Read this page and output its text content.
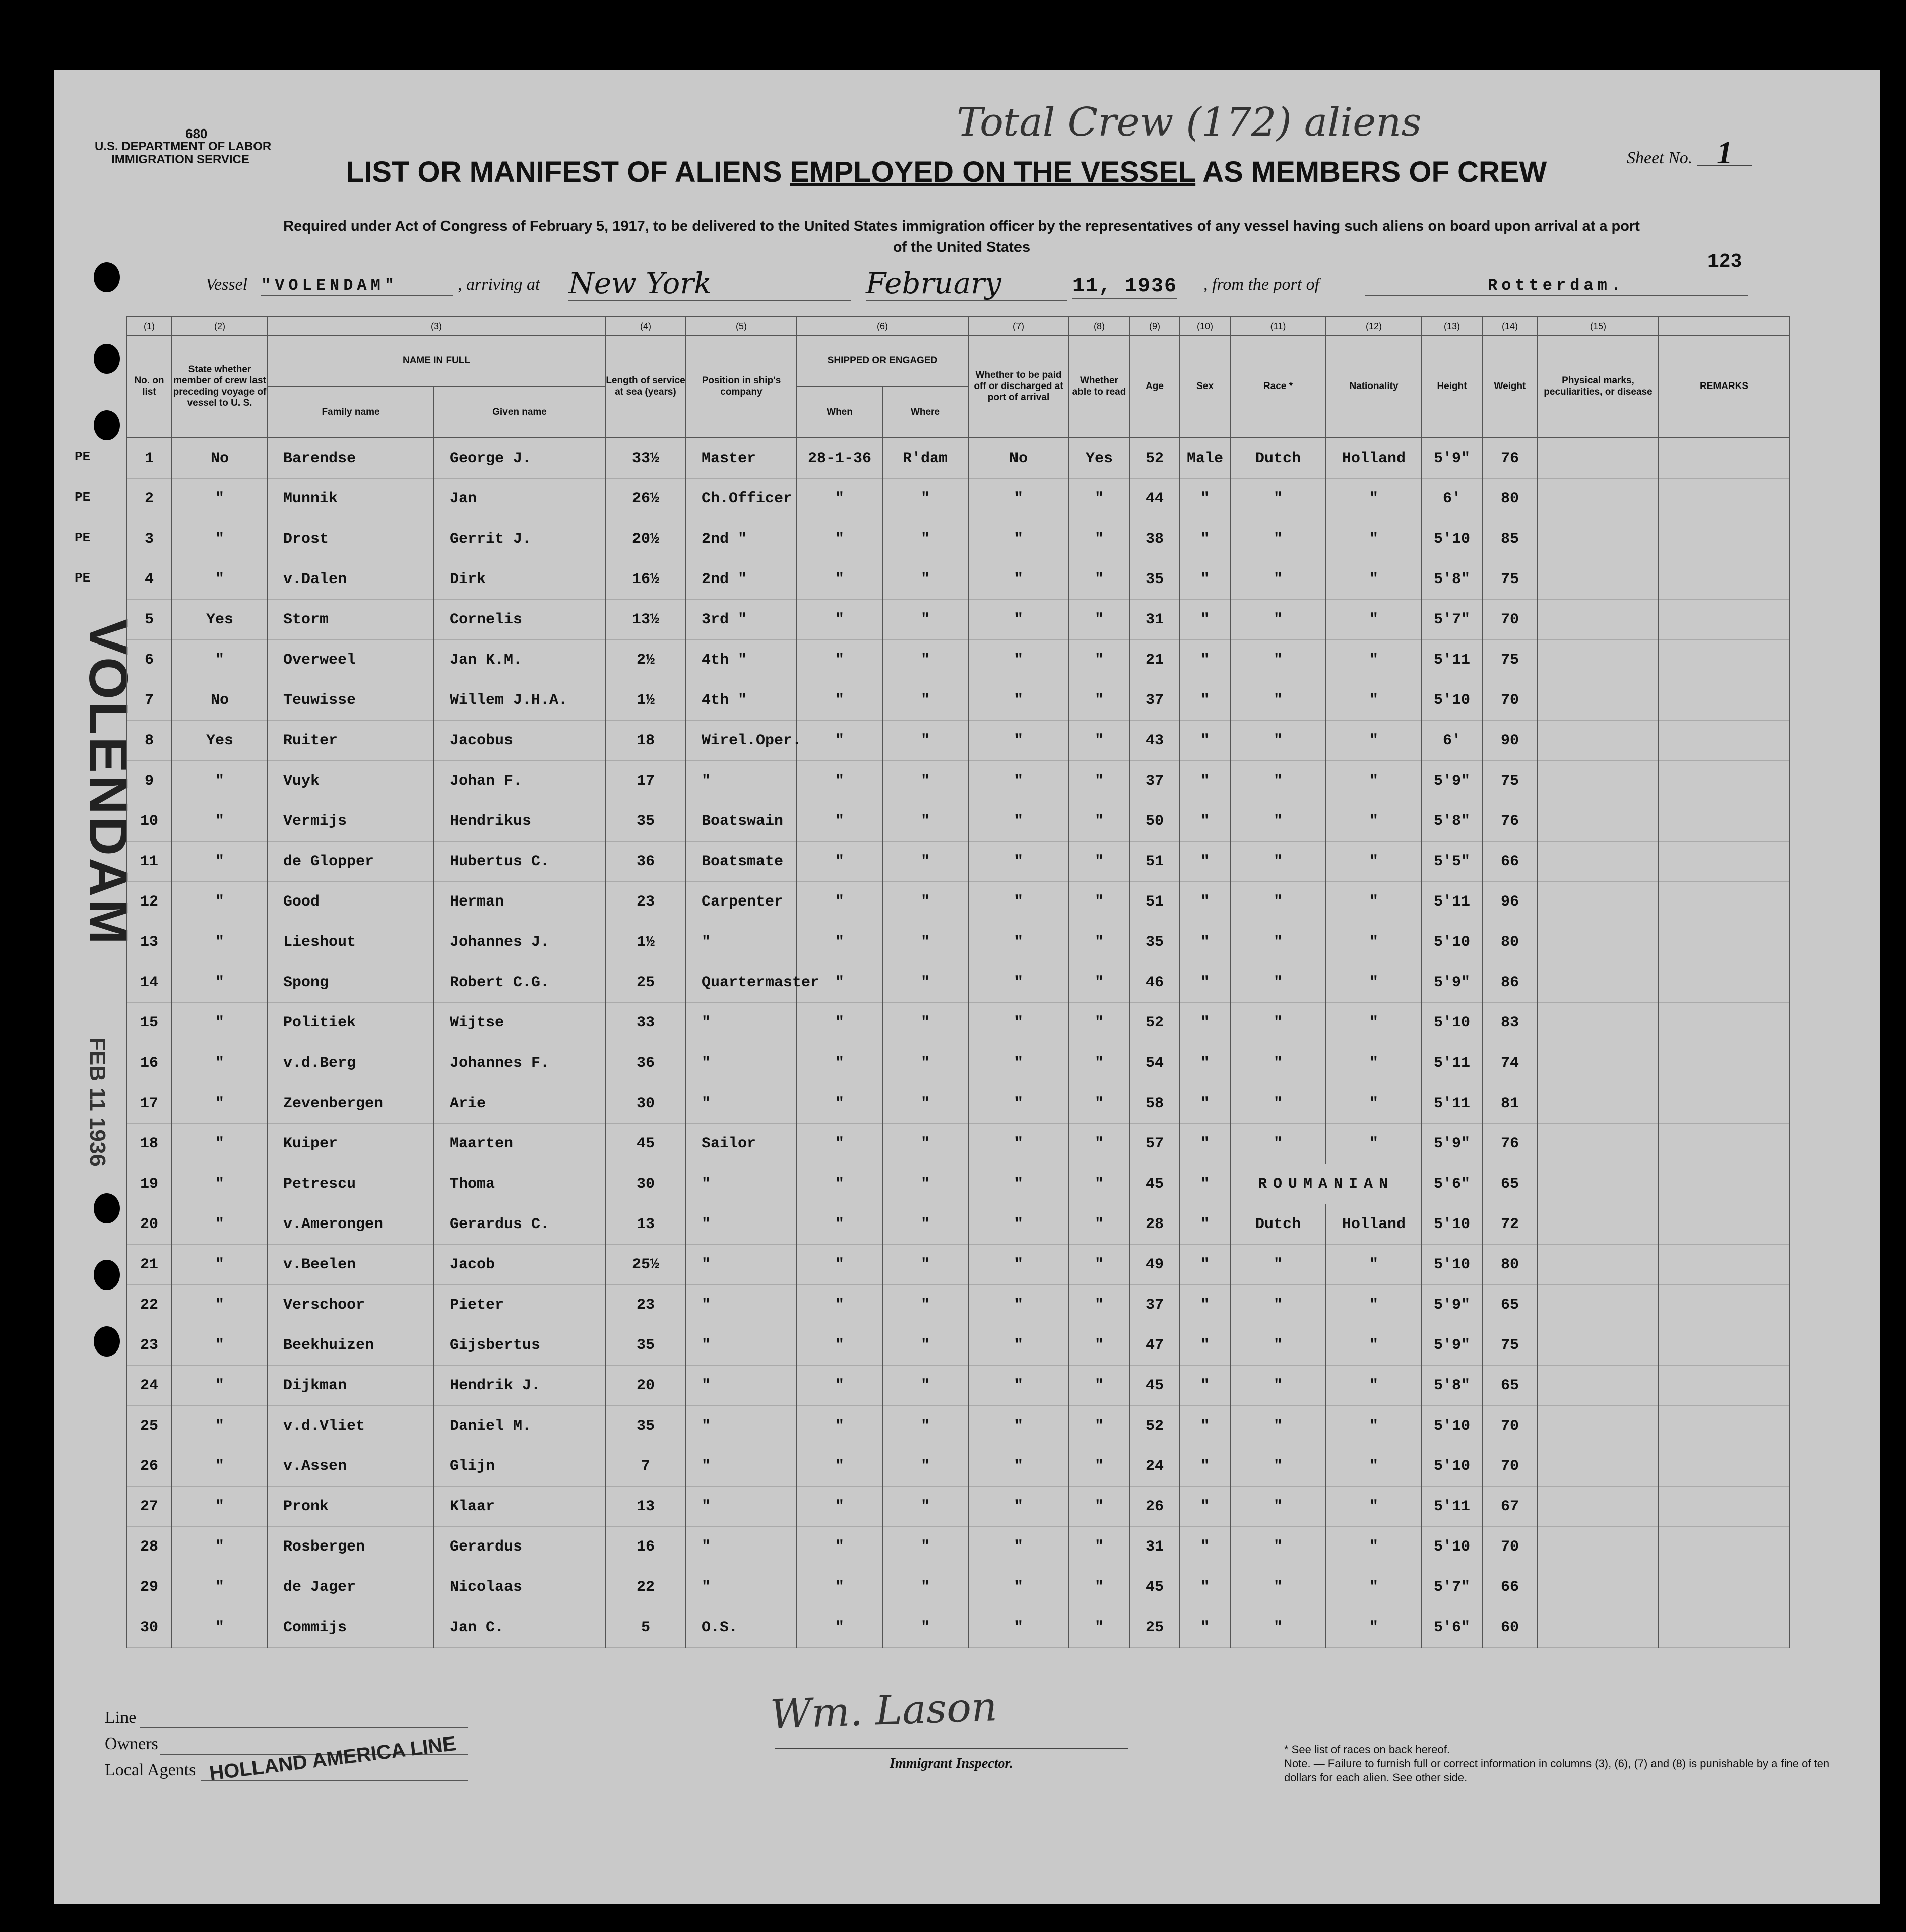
680
U.S. DEPARTMENT OF LABOR
IMMIGRATION SERVICE
Total Crew (172) aliens
Sheet No. 1
LIST OR MANIFEST OF ALIENS EMPLOYED ON THE VESSEL AS MEMBERS OF CREW
Required under Act of Congress of February 5, 1917, to be delivered to the United States immigration officer by the representatives of any vessel having such aliens on board upon arrival at a port
of the United States
123
Vessel "VOLENDAM"	, arriving at New York	February	11, 1936 , from the port of	Rotterdam.
VOLENDAM
FEB 11 1936
(1)	(2)	(3)		(4)	(5)	(6)		(7)	(8)	(9)	(10)	(11)	(12)	(13)	(14)	(15)	
No. on list	State whether member of crew last preceding voyage of vessel to U. S.	NAME IN FULL		Length of service at sea (years)	Position in ship's company	SHIPPED OR ENGAGED		Whether to be paid off or discharged at port of arrival	Whether able to read	Age	Sex	Race *	Nationality	Height	Weight	Physical marks, peculiarities, or disease	REMARKS
		Family name	Given name			When	Where										
1	No	Barendse	George J.	33½	Master	28-1-36	R'dam	No	Yes	52	Male	Dutch	Holland	5'9"	76		
2	"	Munnik	Jan	26½	Ch.Officer	"	"	"	"	44	"	"	"	6'	80		
3	"	Drost	Gerrit J.	20½	2nd "	"	"	"	"	38	"	"	"	5'10	85		
4	"	v.Dalen	Dirk	16½	2nd "	"	"	"	"	35	"	"	"	5'8"	75		
5	Yes	Storm	Cornelis	13½	3rd "	"	"	"	"	31	"	"	"	5'7"	70		
6	"	Overweel	Jan K.M.	2½	4th "	"	"	"	"	21	"	"	"	5'11	75		
7	No	Teuwisse	Willem J.H.A.	1½	4th "	"	"	"	"	37	"	"	"	5'10	70		
8	Yes	Ruiter	Jacobus	18	Wirel.Oper.	"	"	"	"	43	"	"	"	6'	90		
9	"	Vuyk	Johan F.	17	"	"	"	"	"	37	"	"	"	5'9"	75		
10	"	Vermijs	Hendrikus	35	Boatswain	"	"	"	"	50	"	"	"	5'8"	76		
11	"	de Glopper	Hubertus C.	36	Boatsmate	"	"	"	"	51	"	"	"	5'5"	66		
12	"	Good	Herman	23	Carpenter	"	"	"	"	51	"	"	"	5'11	96		
13	"	Lieshout	Johannes J.	1½	"	"	"	"	"	35	"	"	"	5'10	80		
14	"	Spong	Robert C.G.	25	Quartermaster	"	"	"	"	46	"	"	"	5'9"	86		
15	"	Politiek	Wijtse	33	"	"	"	"	"	52	"	"	"	5'10	83		
16	"	v.d.Berg	Johannes F.	36	"	"	"	"	"	54	"	"	"	5'11	74		
17	"	Zevenbergen	Arie	30	"	"	"	"	"	58	"	"	"	5'11	81		
18	"	Kuiper	Maarten	45	Sailor	"	"	"	"	57	"	"	"	5'9"	76		
19	"	Petrescu	Thoma	30	"	"	"	"	"	45	"	ROUMANIAN		5'6"	65		
20	"	v.Amerongen	Gerardus C.	13	"	"	"	"	"	28	"	Dutch	Holland	5'10	72		
21	"	v.Beelen	Jacob	25½	"	"	"	"	"	49	"	"	"	5'10	80		
22	"	Verschoor	Pieter	23	"	"	"	"	"	37	"	"	"	5'9"	65		
23	"	Beekhuizen	Gijsbertus	35	"	"	"	"	"	47	"	"	"	5'9"	75		
24	"	Dijkman	Hendrik J.	20	"	"	"	"	"	45	"	"	"	5'8"	65		
25	"	v.d.Vliet	Daniel M.	35	"	"	"	"	"	52	"	"	"	5'10	70		
26	"	v.Assen	Glijn	7	"	"	"	"	"	24	"	"	"	5'10	70		
27	"	Pronk	Klaar	13	"	"	"	"	"	26	"	"	"	5'11	67		
28	"	Rosbergen	Gerardus	16	"	"	"	"	"	31	"	"	"	5'10	70		
29	"	de Jager	Nicolaas	22	"	"	"	"	"	45	"	"	"	5'7"	66		
30	"	Commijs	Jan C.	5	O.S.	"	"	"	"	25	"	"	"	5'6"	60		
PE
PE
PE
PE
Line
Owners
Local Agents HOLLAND AMERICA LINE
Wm. Lason
Immigrant Inspector.
* See list of races on back hereof.
Note. — Failure to furnish full or correct information in columns (3), (6), (7) and (8) is punishable by a fine of ten dollars for each alien. See other side.
